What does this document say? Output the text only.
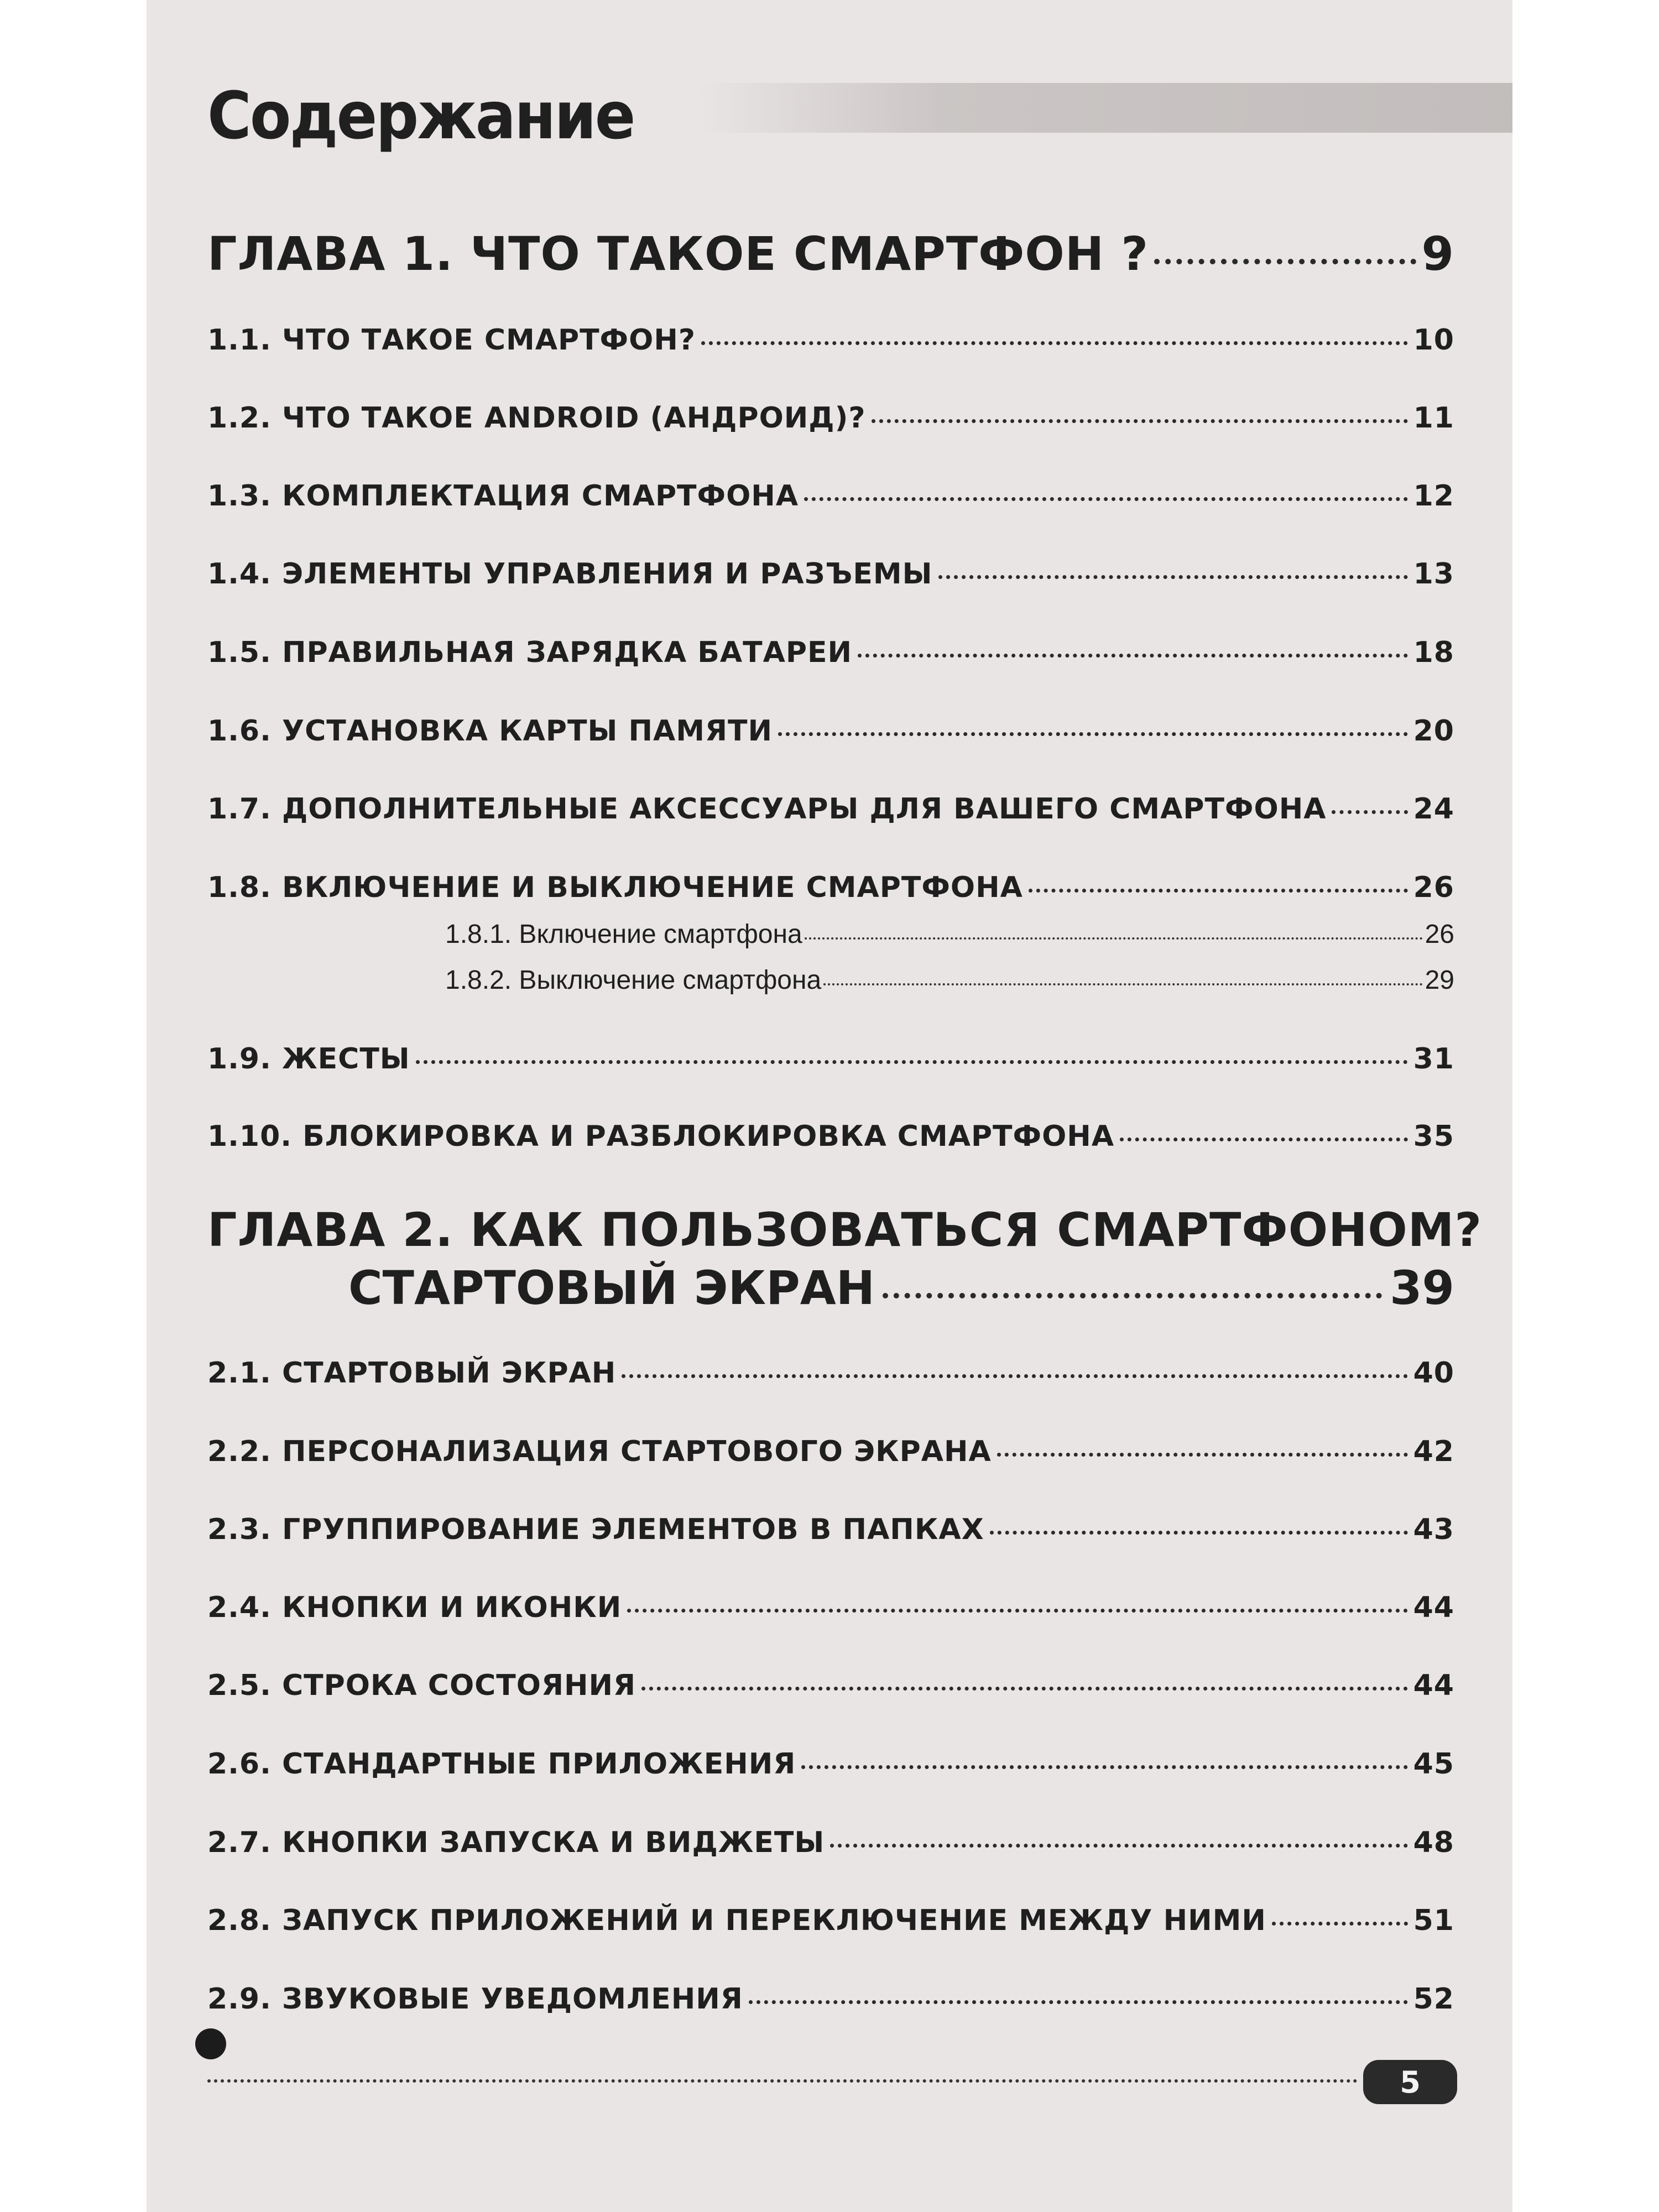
Содержание
ГЛАВА 1. ЧТО ТАКОЕ СМАРТФОН ?	9
1.1. ЧТО ТАКОЕ СМАРТФОН?	10
1.2. ЧТО ТАКОЕ ANDROID (АНДРОИД)?	11
1.3. КОМПЛЕКТАЦИЯ СМАРТФОНА	12
1.4. ЭЛЕМЕНТЫ УПРАВЛЕНИЯ И РАЗЪЕМЫ	13
1.5. ПРАВИЛЬНАЯ ЗАРЯДКА БАТАРЕИ	18
1.6. УСТАНОВКА КАРТЫ ПАМЯТИ	20
1.7. ДОПОЛНИТЕЛЬНЫЕ АКСЕССУАРЫ ДЛЯ ВАШЕГО СМАРТФОНА	24
1.8. ВКЛЮЧЕНИЕ И ВЫКЛЮЧЕНИЕ СМАРТФОНА	26
1.8.1. Включение смартфона	26
1.8.2. Выключение смартфона	29
1.9. ЖЕСТЫ	31
1.10. БЛОКИРОВКА И РАЗБЛОКИРОВКА СМАРТФОНА	35
ГЛАВА 2. КАК ПОЛЬЗОВАТЬСЯ СМАРТФОНОМ?
СТАРТОВЫЙ ЭКРАН	39
2.1. СТАРТОВЫЙ ЭКРАН	40
2.2. ПЕРСОНАЛИЗАЦИЯ СТАРТОВОГО ЭКРАНА	42
2.3. ГРУППИРОВАНИЕ ЭЛЕМЕНТОВ В ПАПКАХ	43
2.4. КНОПКИ И ИКОНКИ	44
2.5. СТРОКА СОСТОЯНИЯ	44
2.6. СТАНДАРТНЫЕ ПРИЛОЖЕНИЯ	45
2.7. КНОПКИ ЗАПУСКА И ВИДЖЕТЫ	48
2.8. ЗАПУСК ПРИЛОЖЕНИЙ И ПЕРЕКЛЮЧЕНИЕ МЕЖДУ НИМИ	51
2.9. ЗВУКОВЫЕ УВЕДОМЛЕНИЯ	52
5
